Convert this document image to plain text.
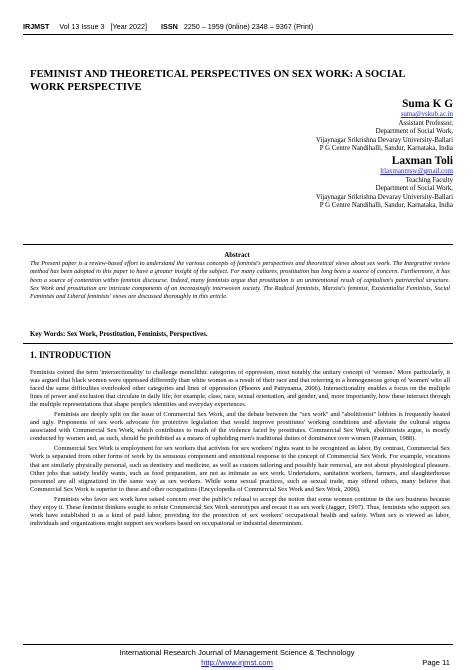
IRJMST Vol 13 Issue 3 [Year 2022] ISSN 2250 – 1959 (0nline) 2348 – 9367 (Print)
FEMINIST AND THEORETICAL PERSPECTIVES ON SEX WORK: A SOCIAL WORK PERSPECTIVE
Suma K G
suma@vskub.ac.in
Assistant Professor,
Department of Social Work,
Vijaynagar Srikrishna Devaray University-Ballari
P G Centre Nandihalli, Sandur, Karnataka, India
Laxman Toli
ltlaxmanmsw@gmail.com
Teaching Faculty
Department of Social Work,
Vijaynagar Srikrishna Devaray University-Ballari
P G Centre Nandihalli, Sandur, Karnataka, India
Abstract
The Present paper is a review-based effort to understand the various concepts of feminist's perspectives and theoretical views about sex work. The Integrative review method has been adopted in this paper to have a greater insight of the subject. For many cultures, prostitution has long been a source of concern. Furthermore, it has been a source of contention within feminist discourse. Indeed, many feminists argue that prostitution is an unintentional result of capitalism's patriarchal structure. Sex Work and prostitution are intricate components of an increasingly interwoven society. The Radical feminists, Marxist's feminist, Existentialist Feminists, Social Feminists and Liberal feminists' views are discussed thoroughly in this article.
Key Words: Sex Work, Prostitution, Feminists, Perspectives.
1. INTRODUCTION

Feminists coined the term 'intersectionality' to challenge monolithic categories of oppression, most notably the unitary concept of 'women.' More particularly, it was argued that black women were oppressed differently than white women as a result of their race and that referring to a homogeneous group of 'women' who all faced the same difficulties overlooked other categories and lines of oppression (Phoenx and Pattynama, 2006). Intersectionality enables a focus on the multiple lines of power and exclusion that circulate in daily life; for example, class, race, sexual orientation, and gender, and, more importantly, how these intersect through the multiple representations that shape people's identities and everyday experiences.

Feminists are deeply split on the issue of Commercial Sex Work, and the debate between the "sex work" and "abolitionist" lobbies is frequently heated and ugly. Proponents of sex work advocate for protective legislation that would improve prostitutes' working conditions and alleviate the cultural stigma associated with Commercial Sex Work, which contributes to much of the violence faced by prostitutes. Commercial Sex Work, abolitionists argue, is mostly conducted by women and, as such, should be prohibited as a means of upholding men's traditional duties of dominance over women (Pateman, 1988).

Commercial Sex Work is employment for sex workers that activists for sex workers' rights want to be recognized as labor. By contrast, Commercial Sex Work is separated from other forms of work by its sensuous component and emotional response to the concept of Commercial Sex Work. For example, vocations that are similarly physically personal, such as dentistry and medicine, as well as custom tailoring and possibly hair removal, are not about physiological pleasure. Other jobs that satisfy bodily wants, such as food preparation, are not as intimate as sex work. Undertakers, sanitation workers, farmers, and slaughterhouse personnel are all stigmatized in the same way as sex workers. While some sexual practices, such as sexual trade, may offend others, many believe that Commercial Sex Work is superior to these and other occupations (Encyclopedia of Commercial Sex Work and Sex Work, 2006).

Feminists who favor sex work have raised concern over the public's refusal to accept the notion that some women continue in the sex business because they enjoy it. These feminist thinkers sought to refute Commercial Sex Work stereotypes and recast it as sex work (Jagger, 1997). Thus, feminists who support sex work have established it as a kind of paid labor, providing for the protection of sex workers' occupational health and safety. When sex is viewed as labor, individuals and organizations might support sex workers based on occupational or industrial determinism.

International Research Journal of Management Science & Technology
http://www.irjmst.com	Page 11
